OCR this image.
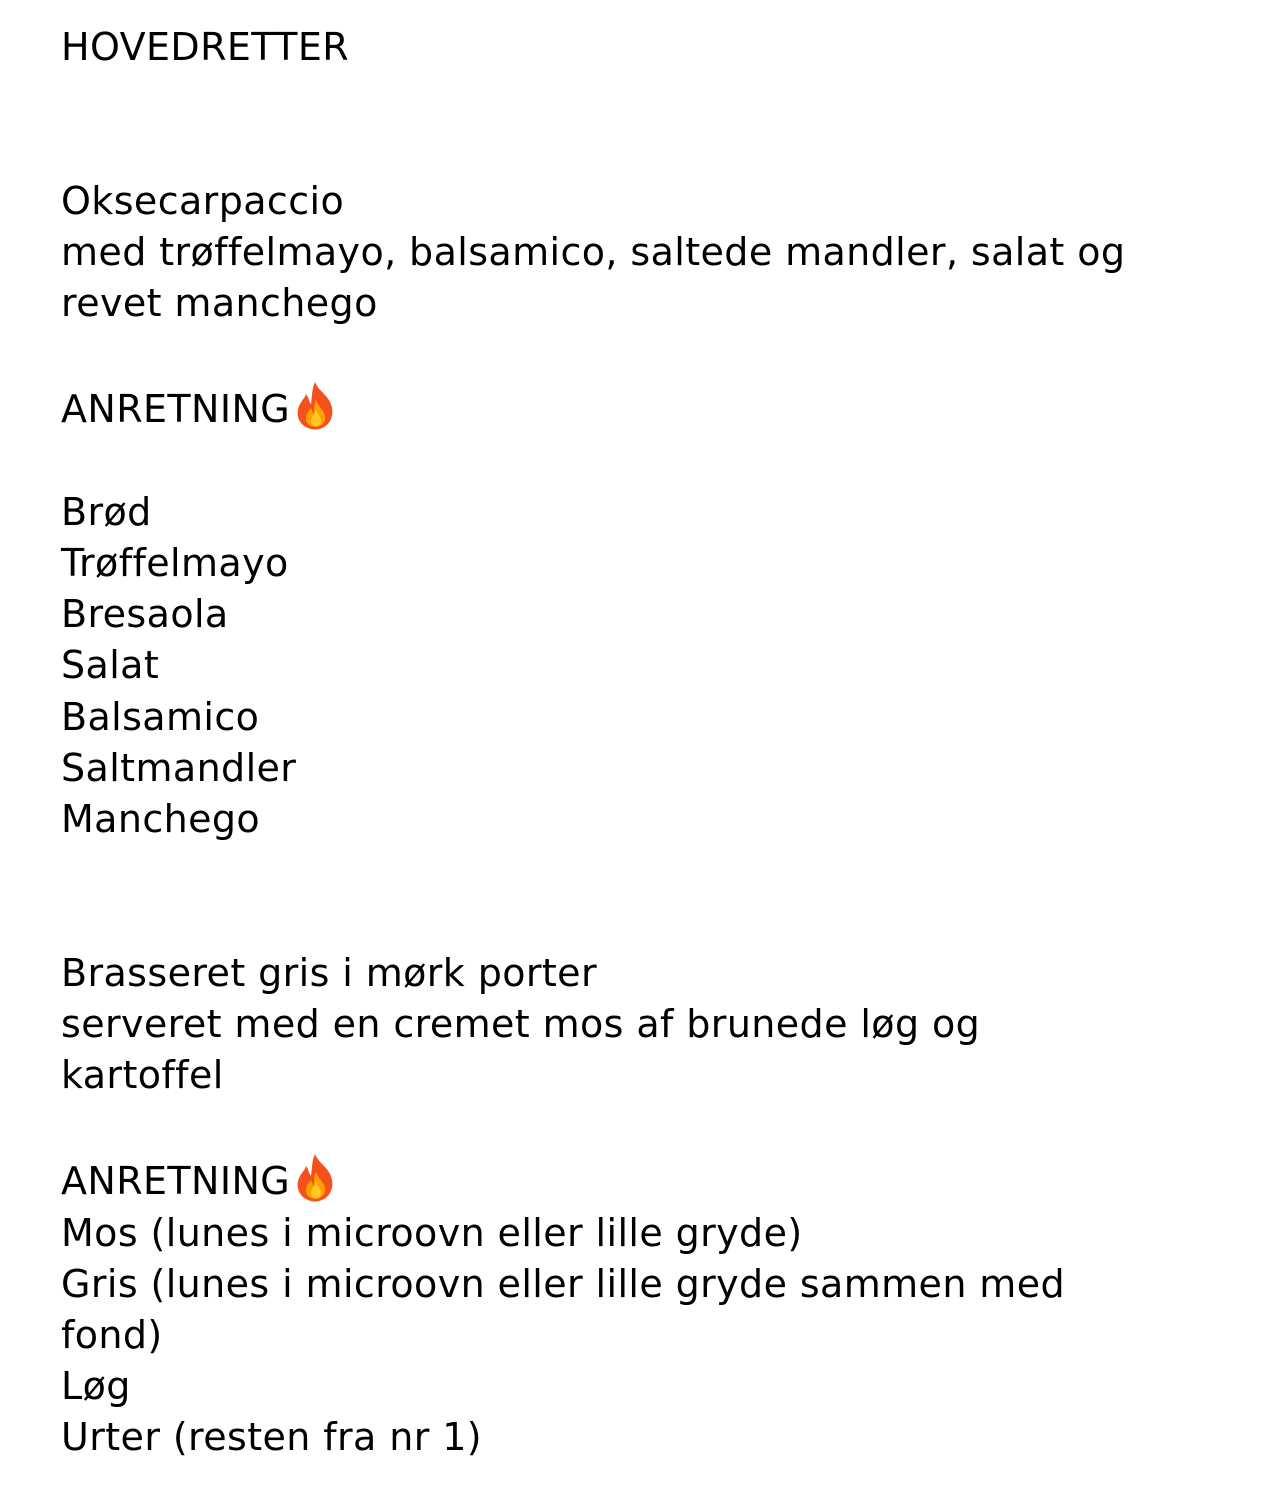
HOVEDRETTER
Oksecarpaccio
med trøffelmayo, balsamico, saltede mandler, salat og
revet manchego
ANRETNING
Brød
Trøffelmayo
Bresaola
Salat
Balsamico
Saltmandler
Manchego
Brasseret gris i mørk porter
serveret med en cremet mos af brunede løg og
kartoffel
ANRETNING
Mos (lunes i microovn eller lille gryde)
Gris (lunes i microovn eller lille gryde sammen med
fond)
Løg
Urter (resten fra nr 1)
